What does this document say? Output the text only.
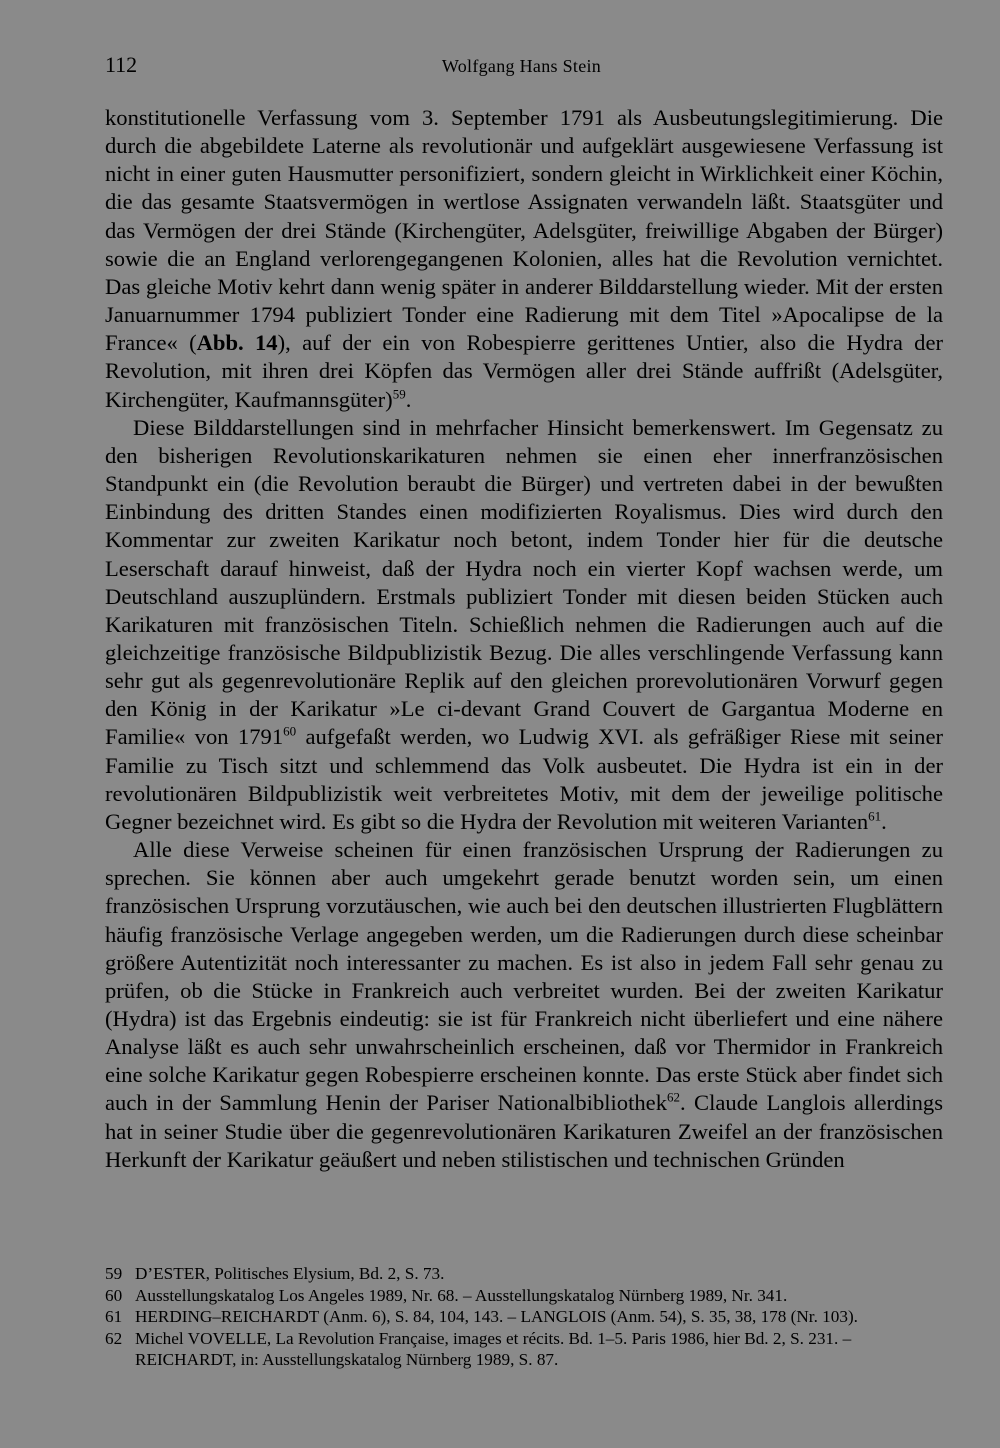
112	Wolfgang Hans Stein

konstitutionelle Verfassung vom 3. September 1791 als Ausbeutungslegitimierung. Die durch die abgebildete Laterne als revolutionär und aufgeklärt ausgewiesene Verfassung ist nicht in einer guten Hausmutter personifiziert, sondern gleicht in Wirklichkeit einer Köchin, die das gesamte Staatsvermögen in wertlose Assignaten verwandeln läßt. Staatsgüter und das Vermögen der drei Stände (Kirchengüter, Adelsgüter, freiwillige Abgaben der Bürger) sowie die an England verlorengegangenen Kolonien, alles hat die Revolution vernichtet. Das gleiche Motiv kehrt dann wenig später in anderer Bilddarstellung wieder. Mit der ersten Januarnummer 1794 publiziert Tonder eine Radierung mit dem Titel »Apocalipse de la France« (Abb. 14), auf der ein von Robespierre gerittenes Untier, also die Hydra der Revolution, mit ihren drei Köpfen das Vermögen aller drei Stände auffrißt (Adelsgüter, Kirchengüter, Kaufmannsgüter)$^{59}$.

Diese Bilddarstellungen sind in mehrfacher Hinsicht bemerkenswert. Im Gegensatz zu den bisherigen Revolutionskarikaturen nehmen sie einen eher innerfranzösischen Standpunkt ein (die Revolution beraubt die Bürger) und vertreten dabei in der bewußten Einbindung des dritten Standes einen modifizierten Royalismus. Dies wird durch den Kommentar zur zweiten Karikatur noch betont, indem Tonder hier für die deutsche Leserschaft darauf hinweist, daß der Hydra noch ein vierter Kopf wachsen werde, um Deutschland auszuplündern. Erstmals publiziert Tonder mit diesen beiden Stücken auch Karikaturen mit französischen Titeln. Schießlich nehmen die Radierungen auch auf die gleichzeitige französische Bildpublizistik Bezug. Die alles verschlingende Verfassung kann sehr gut als gegenrevolutionäre Replik auf den gleichen prorevolutionären Vorwurf gegen den König in der Karikatur »Le ci-devant Grand Couvert de Gargantua Moderne en Familie« von 1791$^{60}$ aufgefaßt werden, wo Ludwig XVI. als gefräßiger Riese mit seiner Familie zu Tisch sitzt und schlemmend das Volk ausbeutet. Die Hydra ist ein in der revolutionären Bildpublizistik weit verbreitetes Motiv, mit dem der jeweilige politische Gegner bezeichnet wird. Es gibt so die Hydra der Revolution mit weiteren Varianten$^{61}$.

Alle diese Verweise scheinen für einen französischen Ursprung der Radierungen zu sprechen. Sie können aber auch umgekehrt gerade benutzt worden sein, um einen französischen Ursprung vorzutäuschen, wie auch bei den deutschen illustrierten Flugblättern häufig französische Verlage angegeben werden, um die Radierungen durch diese scheinbar größere Autentizität noch interessanter zu machen. Es ist also in jedem Fall sehr genau zu prüfen, ob die Stücke in Frankreich auch verbreitet wurden. Bei der zweiten Karikatur (Hydra) ist das Ergebnis eindeutig: sie ist für Frankreich nicht überliefert und eine nähere Analyse läßt es auch sehr unwahrscheinlich erscheinen, daß vor Thermidor in Frankreich eine solche Karikatur gegen Robespierre erscheinen konnte. Das erste Stück aber findet sich auch in der Sammlung Henin der Pariser Nationalbibliothek$^{62}$. Claude Langlois allerdings hat in seiner Studie über die gegenrevolutionären Karikaturen Zweifel an der französischen Herkunft der Karikatur geäußert und neben stilistischen und technischen Gründen

59 D’ESTER, Politisches Elysium, Bd. 2, S. 73.

60 Ausstellungskatalog Los Angeles 1989, Nr. 68. – Ausstellungskatalog Nürnberg 1989, Nr. 341.

61 HERDING–REICHARDT (Anm. 6), S. 84, 104, 143. – LANGLOIS (Anm. 54), S. 35, 38, 178 (Nr. 103).

62 Michel VOVELLE, La Revolution Française, images et récits. Bd. 1–5. Paris 1986, hier Bd. 2, S. 231. –

REICHARDT, in: Ausstellungskatalog Nürnberg 1989, S. 87.
